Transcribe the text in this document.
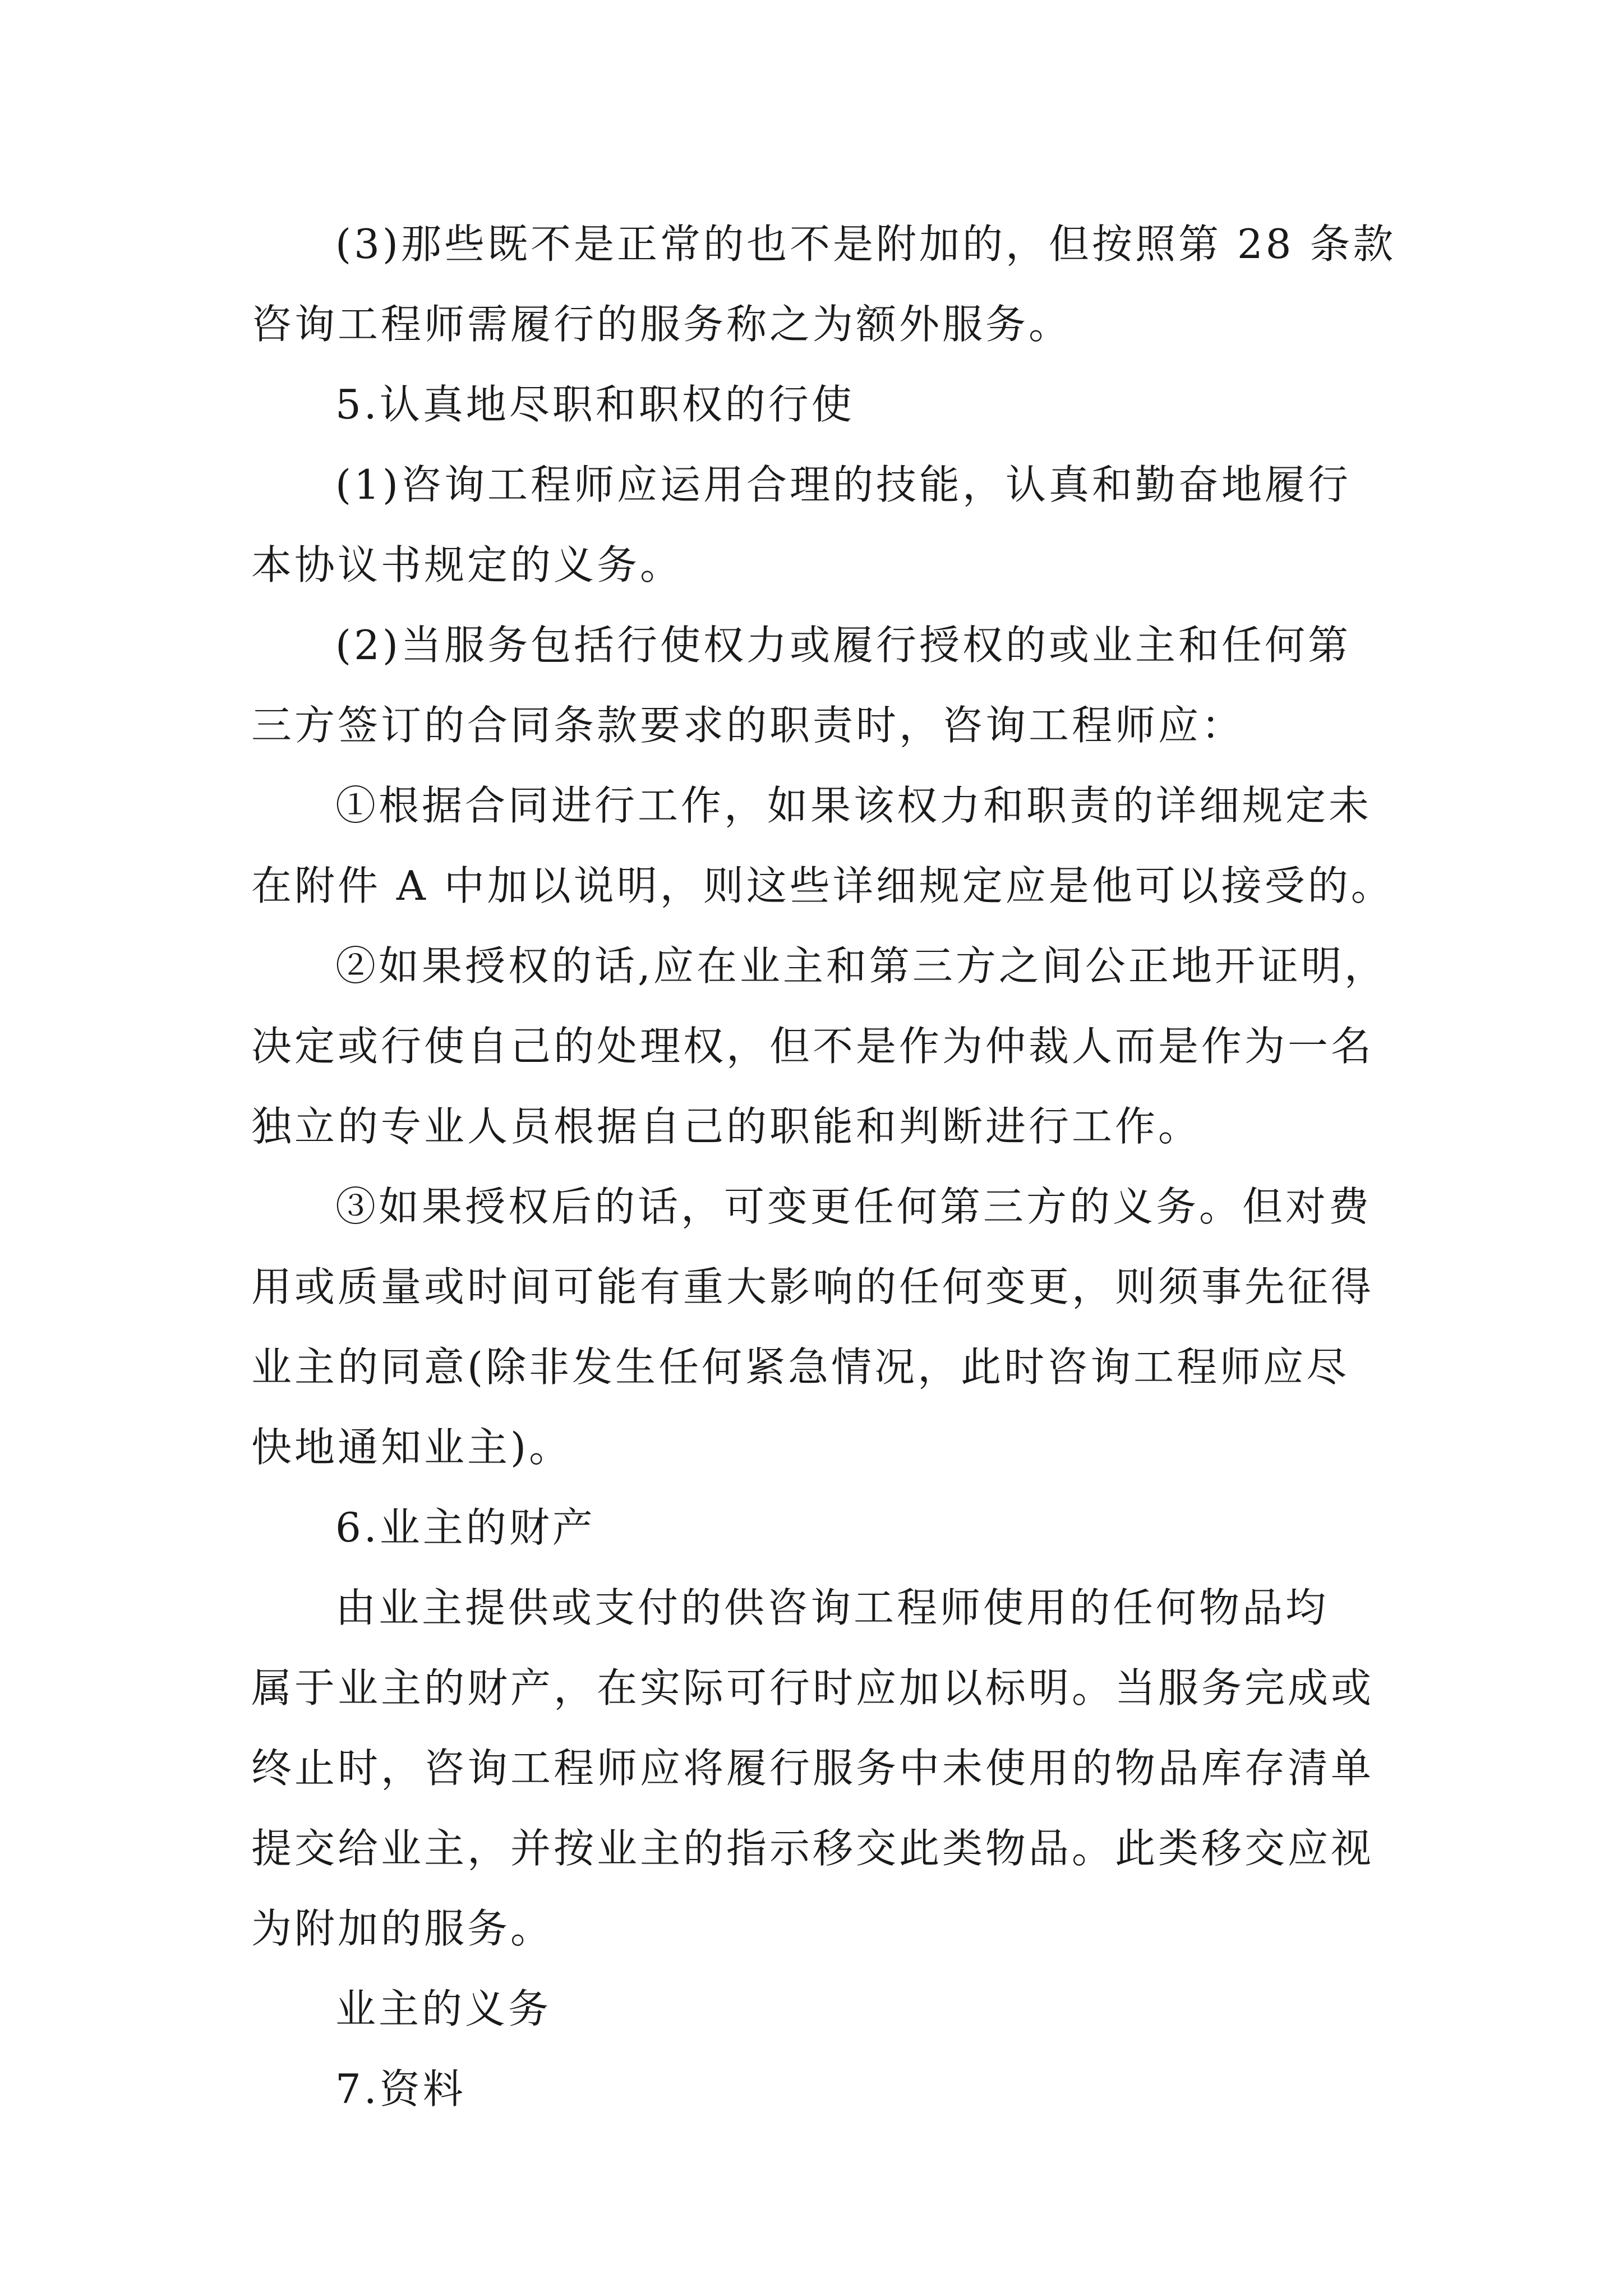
(3)那些既不是正常的也不是附加的，但按照第 28 条款
咨询工程师需履行的服务称之为额外服务。
5.认真地尽职和职权的行使
(1)咨询工程师应运用合理的技能，认真和勤奋地履行
本协议书规定的义务。
(2)当服务包括行使权力或履行授权的或业主和任何第
三方签订的合同条款要求的职责时，咨询工程师应：
①根据合同进行工作，如果该权力和职责的详细规定未
在附件 A 中加以说明，则这些详细规定应是他可以接受的。
②如果授权的话,应在业主和第三方之间公正地开证明，
决定或行使自己的处理权，但不是作为仲裁人而是作为一名
独立的专业人员根据自己的职能和判断进行工作。
③如果授权后的话，可变更任何第三方的义务。但对费
用或质量或时间可能有重大影响的任何变更，则须事先征得
业主的同意(除非发生任何紧急情况，此时咨询工程师应尽
快地通知业主)。
6.业主的财产
由业主提供或支付的供咨询工程师使用的任何物品均
属于业主的财产，在实际可行时应加以标明。当服务完成或
终止时，咨询工程师应将履行服务中未使用的物品库存清单
提交给业主，并按业主的指示移交此类物品。此类移交应视
为附加的服务。
业主的义务
7.资料
